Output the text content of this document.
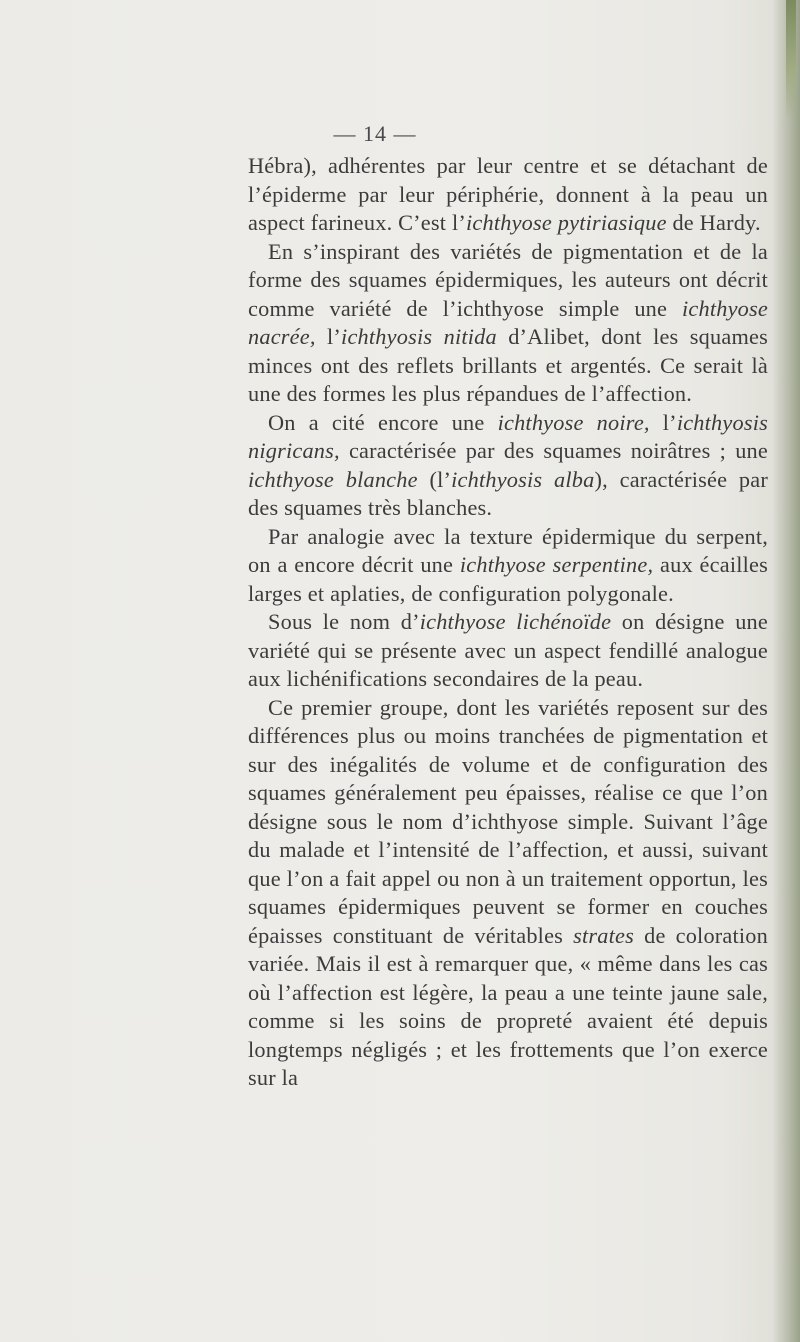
— 14 —

Hébra), adhérentes par leur centre et se détachant de l’épiderme par leur périphérie, donnent à la peau un aspect farineux. C’est l’ichthyose pytiriasique de Hardy.

En s’inspirant des variétés de pigmentation et de la forme des squames épidermiques, les auteurs ont décrit comme variété de l’ichthyose simple une ichthyose nacrée, l’ichthyosis nitida d’Alibet, dont les squames minces ont des reflets brillants et argentés. Ce serait là une des formes les plus répandues de l’affection.

On a cité encore une ichthyose noire, l’ichthyosis nigricans, caractérisée par des squames noirâtres ; une ichthyose blanche (l’ichthyosis alba), caractérisée par des squames très blanches.

Par analogie avec la texture épidermique du serpent, on a encore décrit une ichthyose serpentine, aux écailles larges et aplaties, de configuration polygonale.

Sous le nom d’ichthyose lichénoïde on désigne une variété qui se présente avec un aspect fendillé analogue aux lichénifications secondaires de la peau.

Ce premier groupe, dont les variétés reposent sur des différences plus ou moins tranchées de pigmentation et sur des inégalités de volume et de configuration des squames généralement peu épaisses, réalise ce que l’on désigne sous le nom d’ichthyose simple. Suivant l’âge du malade et l’intensité de l’affection, et aussi, suivant que l’on a fait appel ou non à un traitement opportun, les squames épidermiques peuvent se former en couches épaisses constituant de véritables strates de coloration variée. Mais il est à remarquer que, « même dans les cas où l’affection est légère, la peau a une teinte jaune sale, comme si les soins de propreté avaient été depuis longtemps négligés ; et les frottements que l’on exerce sur la
